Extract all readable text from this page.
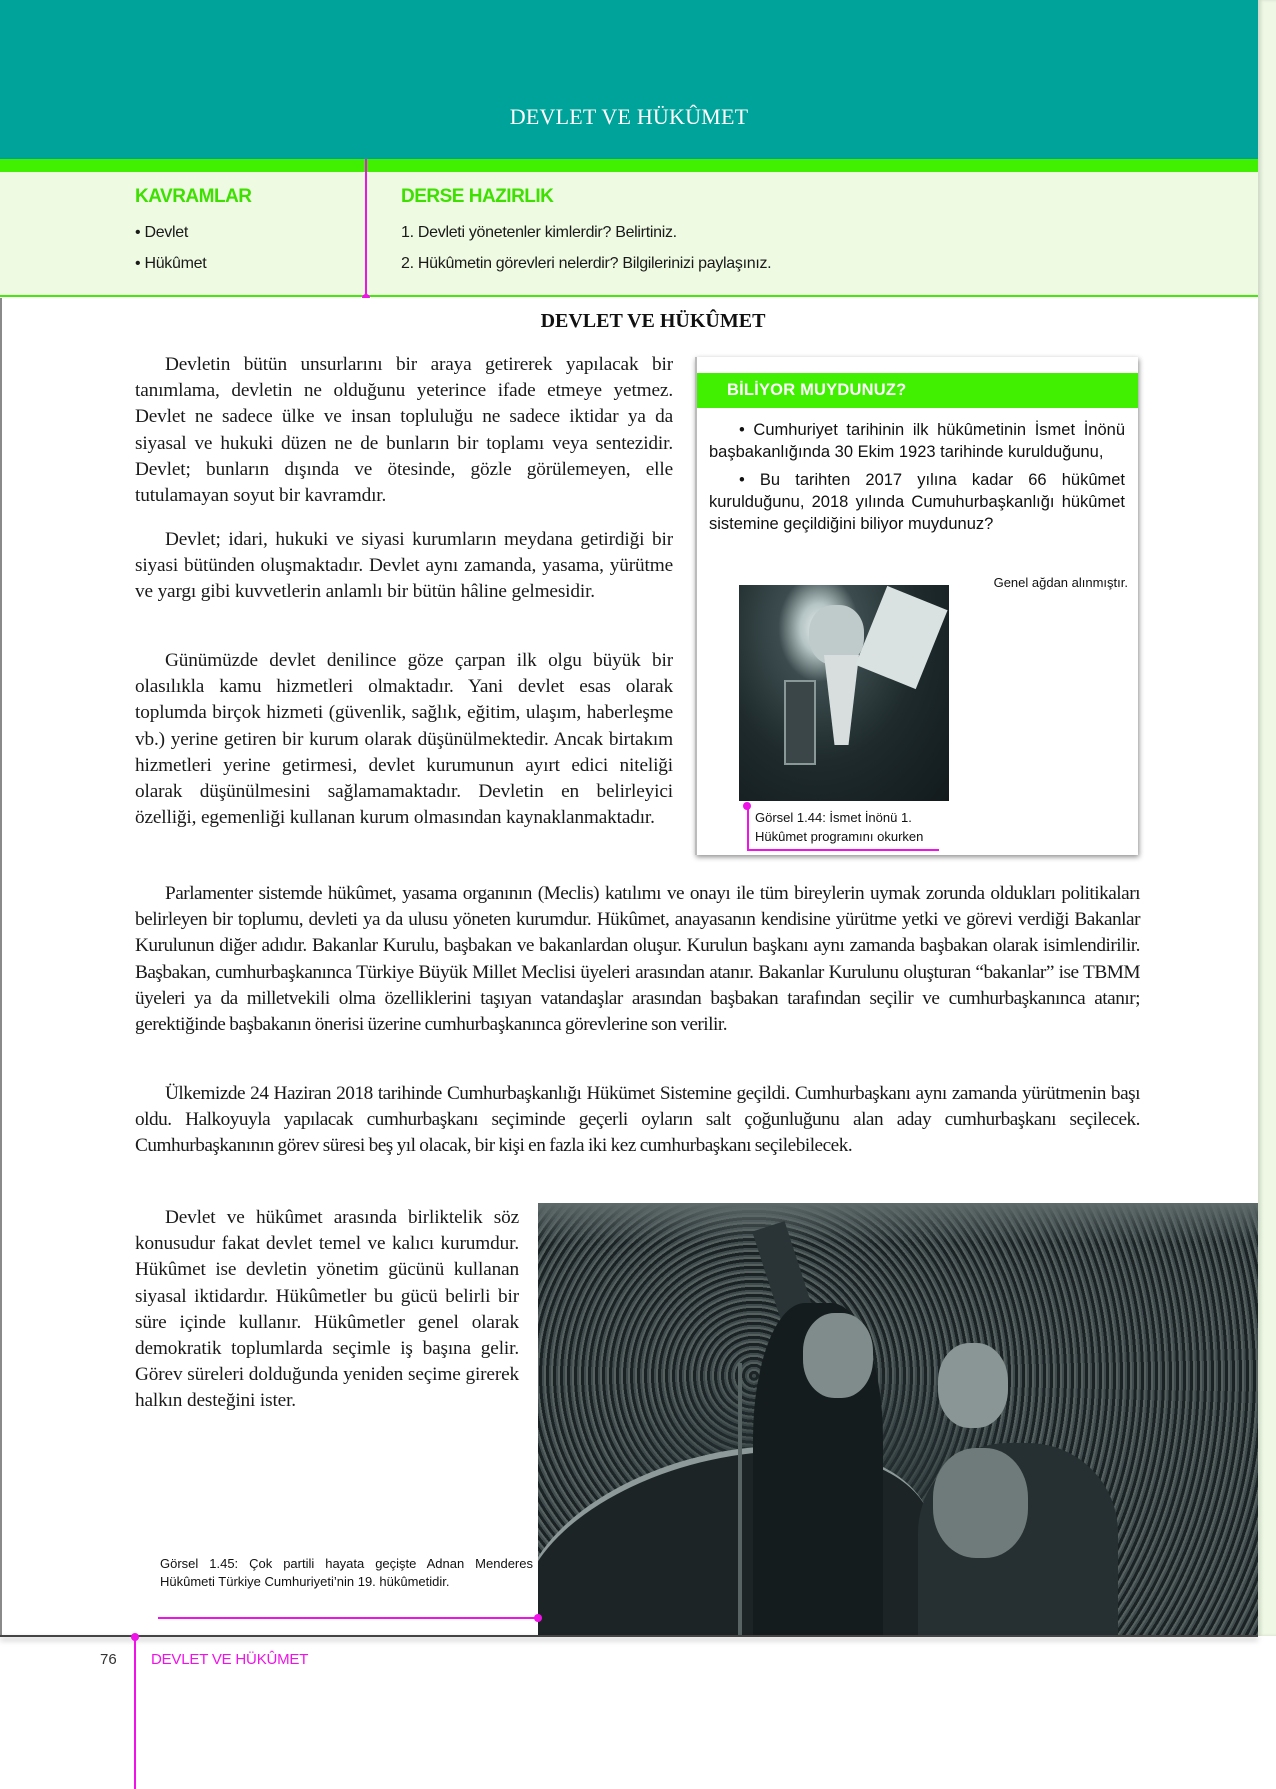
DEVLET VE HÜKÛMET
KAVRAMLAR
• Devlet
• Hükûmet
DERSE HAZIRLIK
1. Devleti yönetenler kimlerdir? Belirtiniz.
2. Hükûmetin görevleri nelerdir? Bilgilerinizi paylaşınız.
DEVLET VE HÜKÛMET

Devletin bütün unsurlarını bir araya getirerek yapılacak bir tanımlama, devletin ne olduğunu yeterince ifade etmeye yetmez. Devlet ne sadece ülke ve insan topluluğu ne sadece iktidar ya da siyasal ve hukuki düzen ne de bunların bir toplamı veya sentezidir. Devlet; bunların dışında ve ötesinde, gözle görülemeyen, elle tutulamayan soyut bir kavramdır.

Devlet; idari, hukuki ve siyasi kurumların meydana getirdiği bir siyasi bütünden oluşmaktadır. Devlet aynı zamanda, yasama, yürütme ve yargı gibi kuvvetlerin anlamlı bir bütün hâline gelmesidir.

Günümüzde devlet denilince göze çarpan ilk olgu büyük bir olasılıkla kamu hizmetleri olmaktadır. Yani devlet esas olarak toplumda birçok hizmeti (güvenlik, sağlık, eğitim, ulaşım, haberleşme vb.) yerine getiren bir kurum olarak düşünülmektedir. Ancak birtakım hizmetleri yerine getirmesi, devlet kurumunun ayırt edici niteliği olarak düşünülmesini sağlamamaktadır. Devletin en belirleyici özelliği, egemenliği kullanan kurum olmasından kaynaklanmaktadır.

Parlamenter sistemde hükûmet, yasama organının (Meclis) katılımı ve onayı ile tüm bireylerin uymak zorunda oldukları politikaları belirleyen bir toplumu, devleti ya da ulusu yöneten kurumdur. Hükûmet, anayasanın kendisine yürütme yetki ve görevi verdiği Bakanlar Kurulunun diğer adıdır. Bakanlar Kurulu, başbakan ve bakanlardan oluşur. Kurulun başkanı aynı zamanda başbakan olarak isimlendirilir. Başbakan, cumhurbaşkanınca Türkiye Büyük Millet Meclisi üyeleri arasından atanır. Bakanlar Kurulunu oluşturan “bakanlar” ise TBMM üyeleri ya da milletvekili olma özelliklerini taşıyan vatandaşlar arasından başbakan tarafından seçilir ve cumhurbaşkanınca atanır; gerektiğinde başbakanın önerisi üzerine cumhurbaşkanınca görevlerine son verilir.

Ülkemizde 24 Haziran 2018 tarihinde Cumhurbaşkanlığı Hükümet Sistemine geçildi. Cumhurbaşkanı aynı zamanda yürütmenin başı oldu. Halkoyuyla yapılacak cumhurbaşkanı seçiminde geçerli oyların salt çoğunluğunu alan aday cumhurbaşkanı seçilecek. Cumhurbaşkanının görev süresi beş yıl olacak, bir kişi en fazla iki kez cumhurbaşkanı seçilebilecek.

Devlet ve hükûmet arasında birliktelik söz konusudur fakat devlet temel ve kalıcı kurumdur. Hükûmet ise devletin yönetim gücünü kullanan siyasal iktidardır. Hükûmetler bu gücü belirli bir süre içinde kullanır. Hükûmetler genel olarak demokratik toplumlarda seçimle iş başına gelir. Görev süreleri dolduğunda yeniden seçime girerek halkın desteğini ister.

BİLİYOR MUYDUNUZ?

• Cumhuriyet tarihinin ilk hükûmetinin İsmet İnönü başbakanlığında 30 Ekim 1923 tarihinde kurulduğunu,

• Bu tarihten 2017 yılına kadar 66 hükûmet kurulduğunu, 2018 yılında Cumuhurbaşkanlığı hükûmet sistemine geçildiğini biliyor muydunuz?

Genel ağdan alınmıştır.
Görsel 1.44: İsmet İnönü 1. Hükûmet programını okurken
Görsel 1.45: Çok partili hayata geçişte Adnan Menderes Hükûmeti Türkiye Cumhuriyeti’nin 19. hükûmetidir.
76 DEVLET VE HÜKÛMET
